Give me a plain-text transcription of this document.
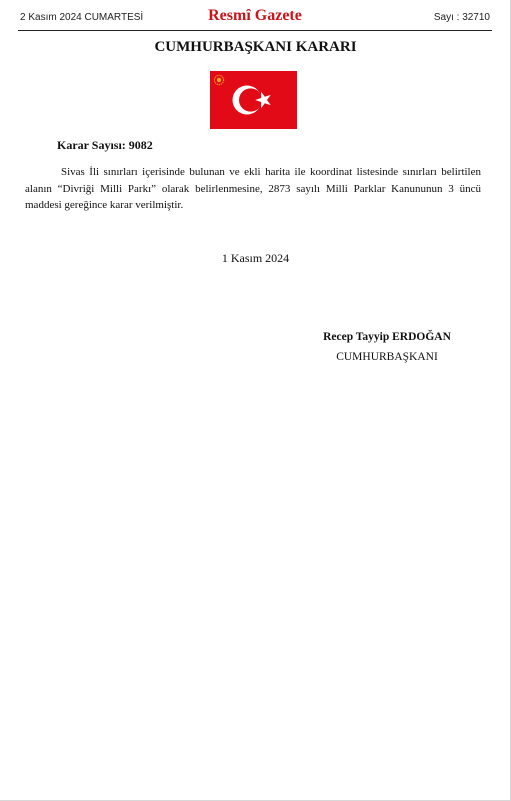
2 Kasım 2024 CUMARTESİ	Resmî Gazete	Sayı : 32710
CUMHURBAŞKANI KARARI
Karar Sayısı: 9082

Sivas İli sınırları içerisinde bulunan ve ekli harita ile koordinat listesinde sınırları belirtilen alanın “Divriği Milli Parkı” olarak belirlenmesine, 2873 sayılı Milli Parklar Kanununun 3 üncü maddesi gereğince karar verilmiştir.

1 Kasım 2024
Recep Tayyip ERDOĞAN
CUMHURBAŞKANI
